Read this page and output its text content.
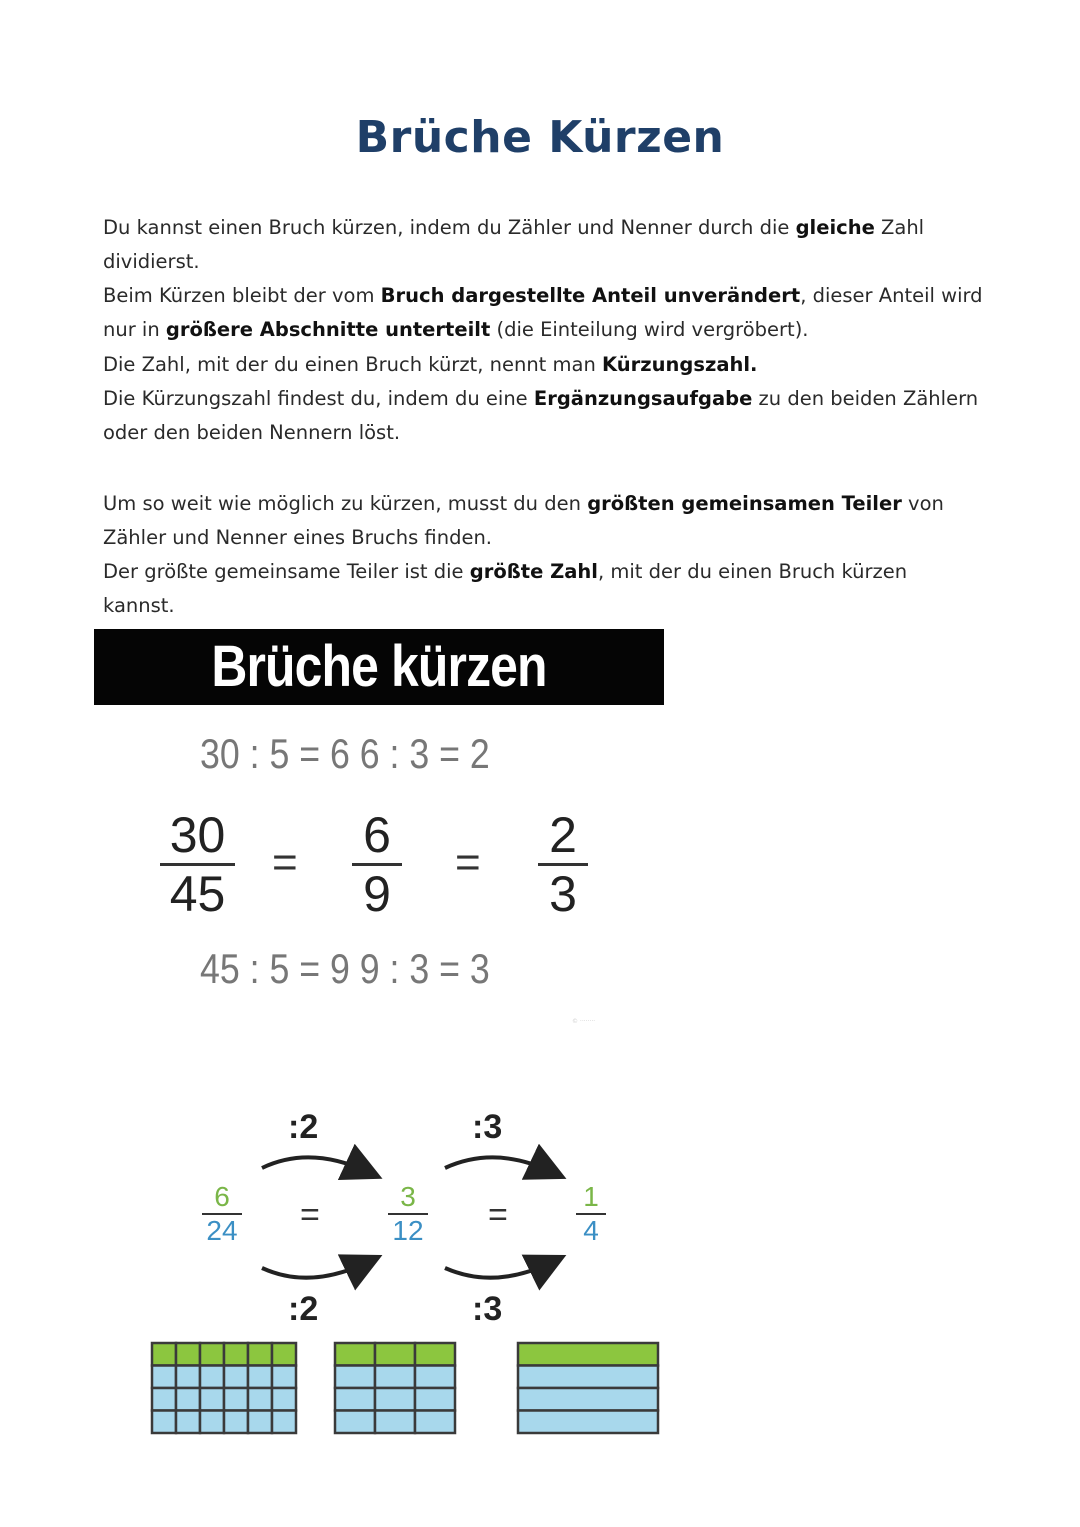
Brüche Kürzen

Du kannst einen Bruch kürzen, indem du Zähler und Nenner durch die gleiche Zahl dividierst.

Beim Kürzen bleibt der vom Bruch dargestellte Anteil unverändert, dieser Anteil wird nur in größere Abschnitte unterteilt (die Einteilung wird vergröbert).

Die Zahl, mit der du einen Bruch kürzt, nennt man Kürzungszahl.

Die Kürzungszahl findest du, indem du eine Ergänzungsaufgabe zu den beiden Zählern oder den beiden Nennern löst.

Um so weit wie möglich zu kürzen, musst du den größten gemeinsamen Teiler von Zähler und Nenner eines Bruchs finden.

Der größte gemeinsame Teiler ist die größte Zahl, mit der du einen Bruch kürzen kannst.

Brüche kürzen
30 : 5 = 6 6 : 3 = 2
30
45
= 6
9
= 2
3
45 : 5 = 9 9 : 3 = 3
© ········
:2	:3
:2	:3
6
24 =	3
12 =	1
4
